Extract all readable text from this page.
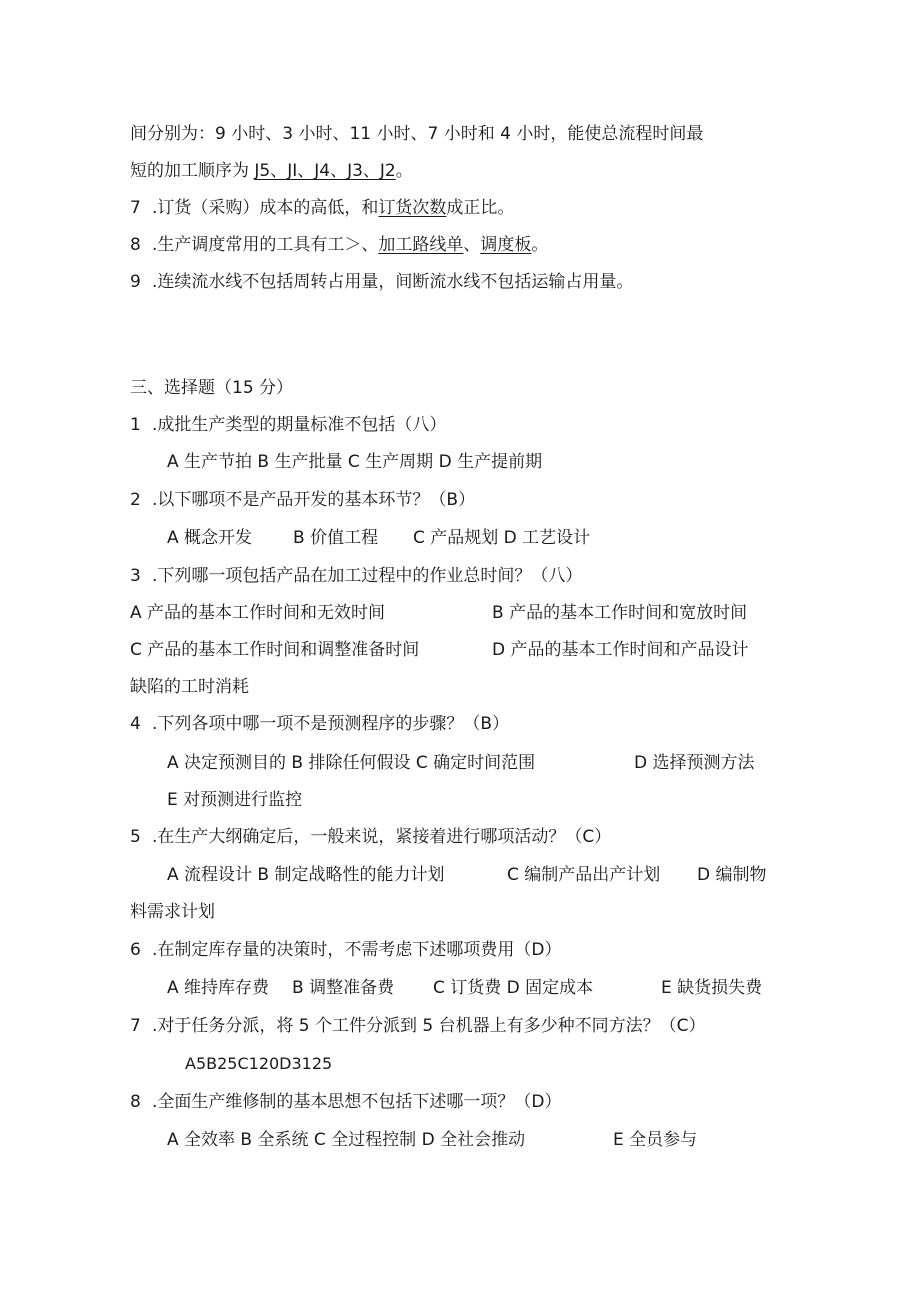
间分别为：9 小时、3 小时、11 小时、7 小时和 4 小时，能使总流程时间最
短的加工顺序为 J5、JI、J4、J3、J2。
7 .订货（采购）成本的高低，和订货次数成正比。
8 .生产调度常用的工具有工＞、加工路线单、调度板。
9 .连续流水线不包括周转占用量，间断流水线不包括运输占用量。
三、选择题（15 分）
1 .成批生产类型的期量标准不包括（八）
A 生产节拍 B 生产批量 C 生产周期 D 生产提前期
2 .以下哪项不是产品开发的基本环节？（B）
A 概念开发 B 价值工程 C 产品规划 D 工艺设计
3 .下列哪一项包括产品在加工过程中的作业总时间？（八）
A 产品的基本工作时间和无效时间	B 产品的基本工作时间和宽放时间
C 产品的基本工作时间和调整准备时间	D 产品的基本工作时间和产品设计
缺陷的工时消耗
4 .下列各项中哪一项不是预测程序的步骤？（B）
A 决定预测目的 B 排除任何假设 C 确定时间范围	D 选择预测方法
E 对预测进行监控
5 .在生产大纲确定后，一般来说，紧接着进行哪项活动？（C）
A 流程设计 B 制定战略性的能力计划	C 编制产品出产计划 D 编制物
料需求计划
6 .在制定库存量的决策时，不需考虑下述哪项费用（D）
A 维持库存费 B 调整准备费 C 订货费 D 固定成本	E 缺货损失费
7 .对于任务分派，将 5 个工件分派到 5 台机器上有多少种不同方法？（C）
A5B25C120D3125
8 .全面生产维修制的基本思想不包括下述哪一项？（D）
A 全效率 B 全系统 C 全过程控制 D 全社会推动	E 全员参与
